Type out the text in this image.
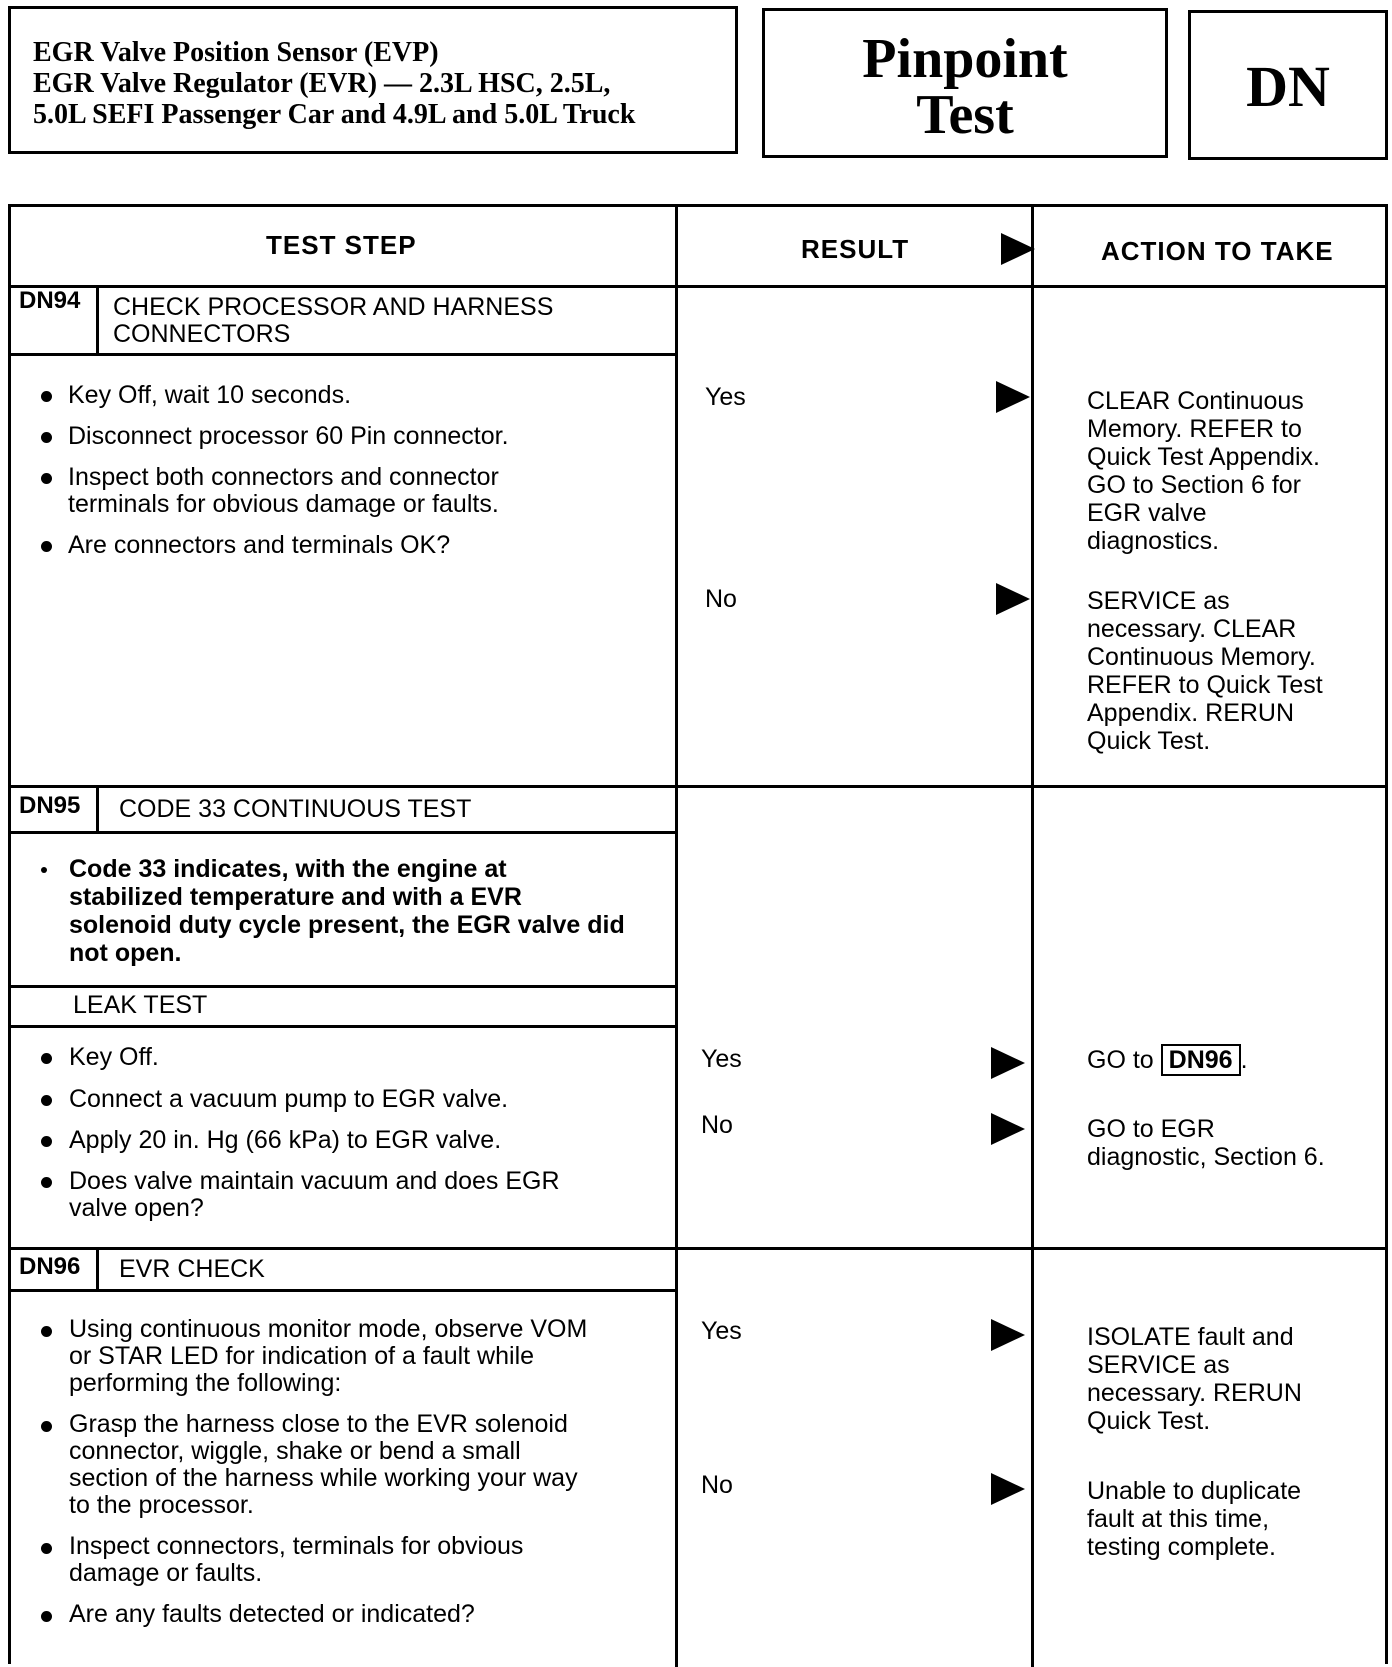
EGR Valve Position Sensor (EVP)
EGR Valve Regulator (EVR) — 2.3L HSC, 2.5L,
5.0L SEFI Passenger Car and 4.9L and 5.0L Truck
Pinpoint
Test	DN
TEST STEP	RESULT	ACTION TO TAKE
DN94 CHECK PROCESSOR AND HARNESS
CONNECTORS
Key Off, wait 10 seconds.
Disconnect processor 60 Pin connector.
Inspect both connectors and connector
terminals for obvious damage or faults.
Are connectors and terminals OK?
Yes	CLEAR Continuous
Memory. REFER to
Quick Test Appendix.
GO to Section 6 for
EGR valve
diagnostics.
No	SERVICE as
necessary. CLEAR
Continuous Memory.
REFER to Quick Test
Appendix. RERUN
Quick Test.
DN95 CODE 33 CONTINUOUS TEST
Code 33 indicates, with the engine at
stabilized temperature and with a EVR
solenoid duty cycle present, the EGR valve did
not open.
LEAK TEST
Key Off.
Connect a vacuum pump to EGR valve.
Apply 20 in. Hg (66 kPa) to EGR valve.
Does valve maintain vacuum and does EGR
valve open?
Yes	GO to DN96 .
No	GO to EGR
diagnostic, Section 6.
DN96 EVR CHECK
Using continuous monitor mode, observe VOM
or STAR LED for indication of a fault while
performing the following:
Grasp the harness close to the EVR solenoid
connector, wiggle, shake or bend a small
section of the harness while working your way
to the processor.
Inspect connectors, terminals for obvious
damage or faults.
Are any faults detected or indicated?
Yes	ISOLATE fault and
SERVICE as
necessary. RERUN
Quick Test.
No	Unable to duplicate
fault at this time,
testing complete.
